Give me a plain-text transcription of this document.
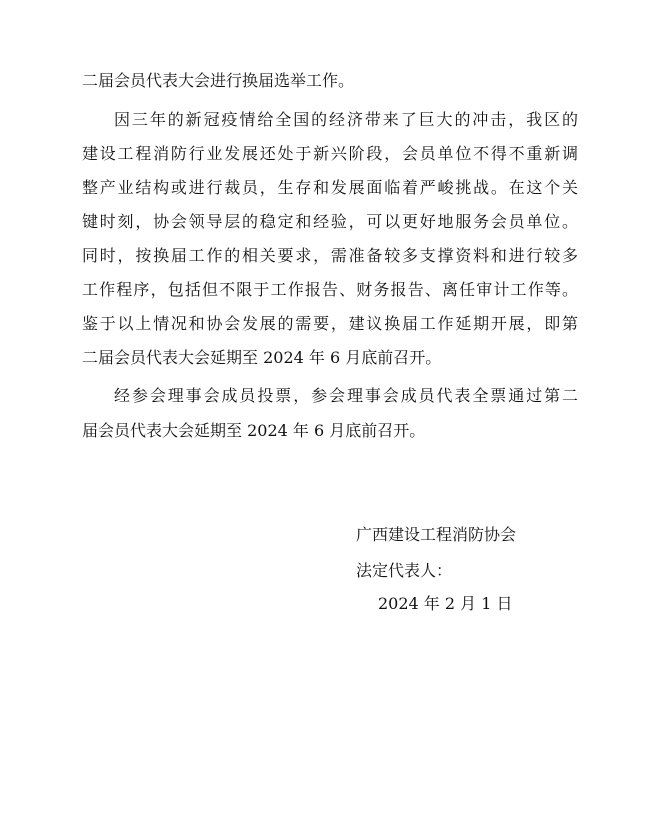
二届会员代表大会进行换届选举工作。
因三年的新冠疫情给全国的经济带来了巨大的冲击，我区的
建设工程消防行业发展还处于新兴阶段，会员单位不得不重新调
整产业结构或进行裁员，生存和发展面临着严峻挑战。在这个关
键时刻，协会领导层的稳定和经验，可以更好地服务会员单位。
同时，按换届工作的相关要求，需准备较多支撑资料和进行较多
工作程序，包括但不限于工作报告、财务报告、离任审计工作等。
鉴于以上情况和协会发展的需要，建议换届工作延期开展，即第
二届会员代表大会延期至 2024 年 6 月底前召开。
经参会理事会成员投票，参会理事会成员代表全票通过第二
届会员代表大会延期至 2024 年 6 月底前召开。
广西建设工程消防协会
法定代表人：
2024 年 2 月 1 日
